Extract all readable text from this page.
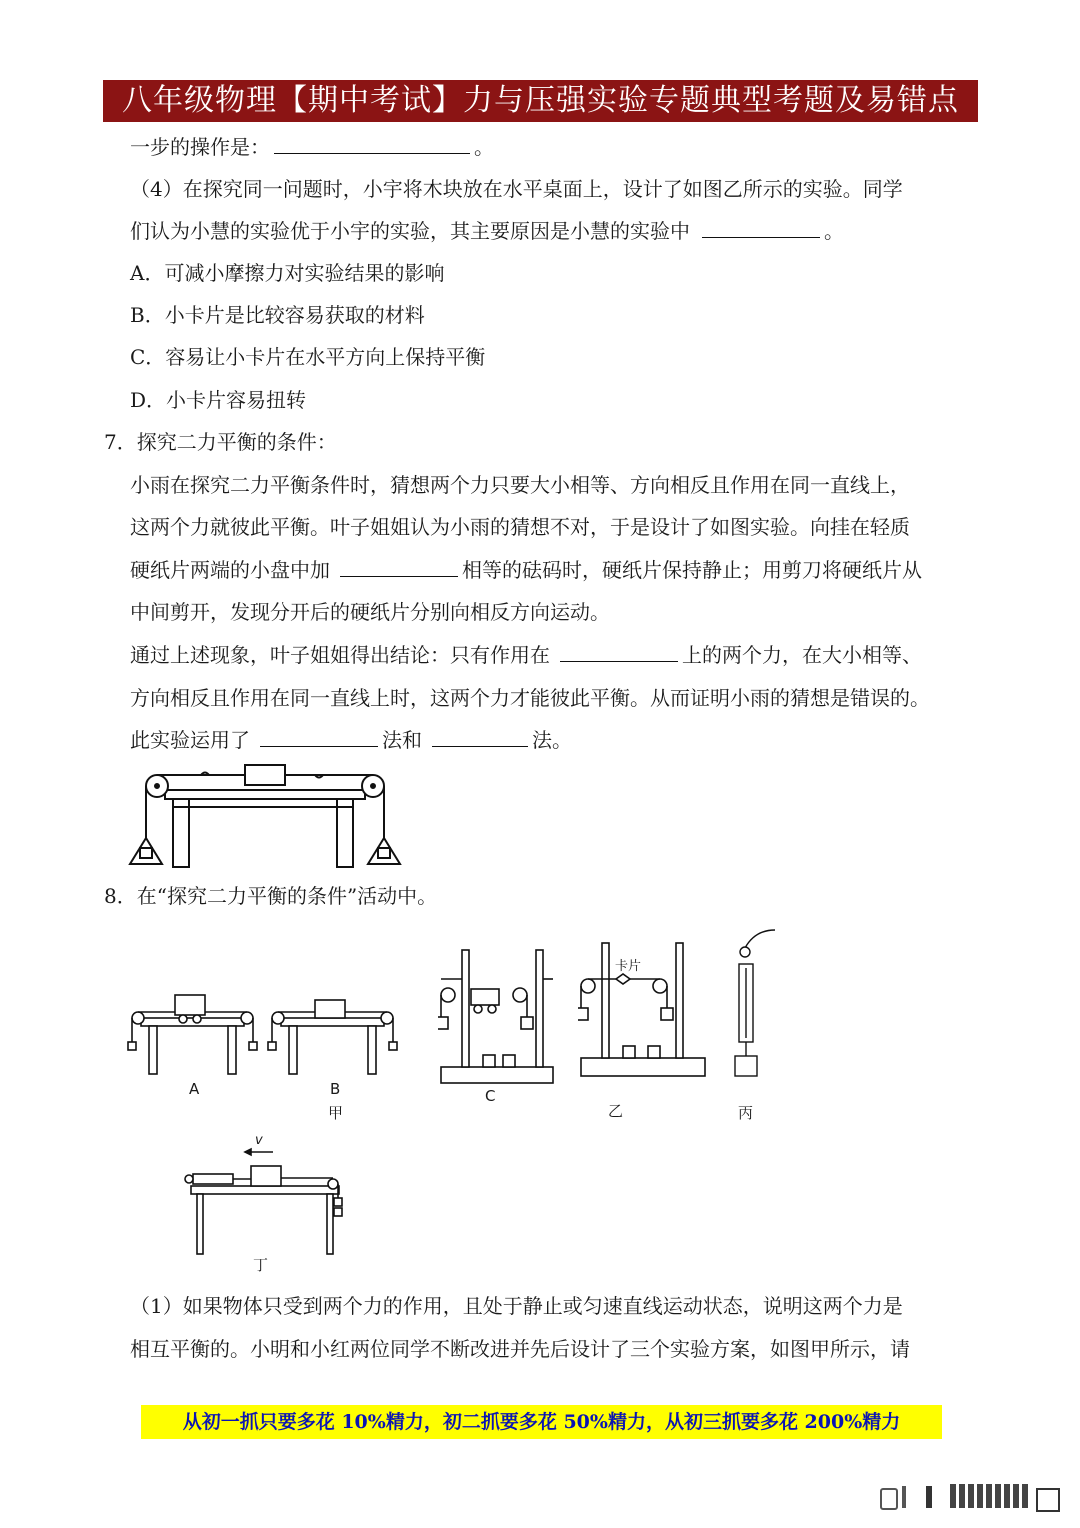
八年级物理【期中考试】力与压强实验专题典型考题及易错点
一步的操作是：	。
（4）在探究同一问题时，小宇将木块放在水平桌面上，设计了如图乙所示的实验。同学
们认为小慧的实验优于小宇的实验，其主要原因是小慧的实验中	。
A．可减小摩擦力对实验结果的影响
B．小卡片是比较容易获取的材料
C．容易让小卡片在水平方向上保持平衡
D．小卡片容易扭转
7．探究二力平衡的条件：
小雨在探究二力平衡条件时，猜想两个力只要大小相等、方向相反且作用在同一直线上，
这两个力就彼此平衡。叶子姐姐认为小雨的猜想不对，于是设计了如图实验。向挂在轻质
硬纸片两端的小盘中加	相等的砝码时，硬纸片保持静止；用剪刀将硬纸片从
中间剪开，发现分开后的硬纸片分别向相反方向运动。
通过上述现象，叶子姐姐得出结论：只有作用在	上的两个力，在大小相等、
方向相反且作用在同一直线上时，这两个力才能彼此平衡。从而证明小雨的猜想是错误的。
此实验运用了	法和	法。
8．在“探究二力平衡的条件”活动中。
A	B
甲
C
卡片
乙	丙
v
丁
（1）如果物体只受到两个力的作用，且处于静止或匀速直线运动状态，说明这两个力是
相互平衡的。小明和小红两位同学不断改进并先后设计了三个实验方案，如图甲所示，请
从初一抓只要多花 10%精力，初二抓要多花 50%精力，从初三抓要多花 200%精力
